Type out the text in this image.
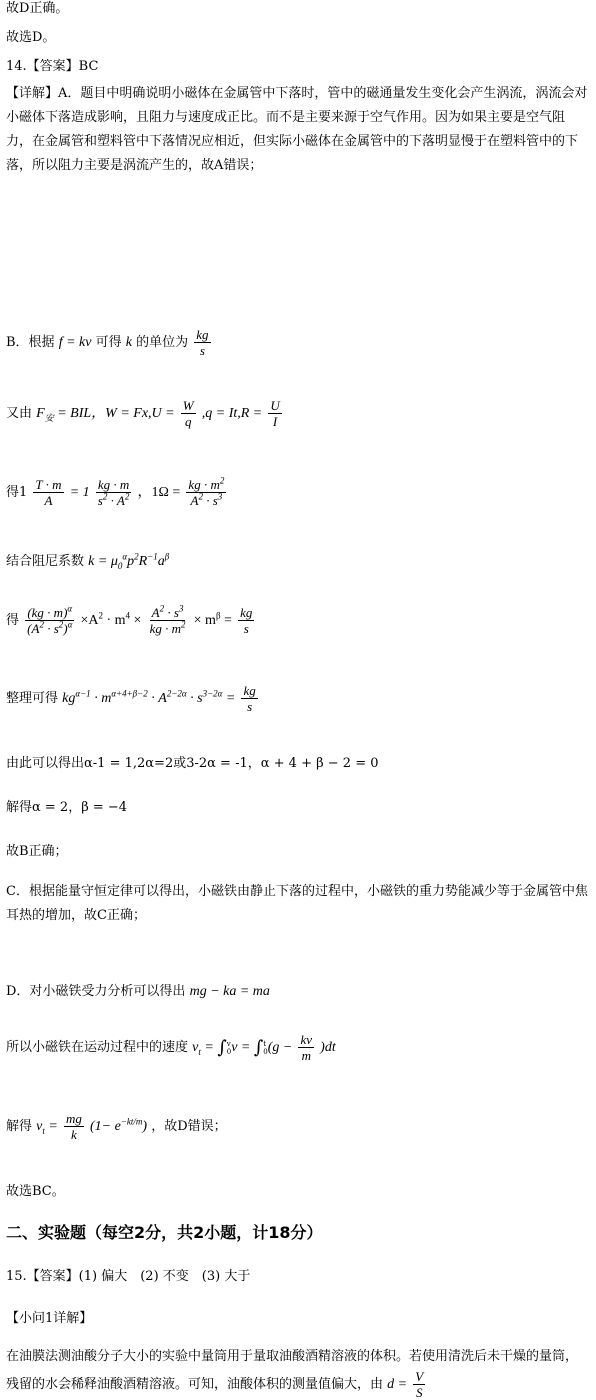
故D正确。
故选D。
14.【答案】BC
【详解】A．题目中明确说明小磁体在金属管中下落时，管中的磁通量发生变化会产生涡流，涡流会对小磁体下落造成影响，且阻力与速度成正比。而不是主要来源于空气作用。因为如果主要是空气阻力，在金属管和塑料管中下落情况应相近，但实际小磁体在金属管中的下落明显慢于在塑料管中的下落，所以阻力主要是涡流产生的，故A错误；
B．根据 f = kv 可得 k 的单位为 $\frac{kg}{s}$
又由 $F_安$ = BIL，$W = Fx,U = \frac{W}{q} ,q = It,R = \frac{U}{I}$
得$1 \frac{T \cdot m}{A} = 1 \frac{kg \cdot m}{s^2 \cdot A^2}$ ，$1\Omega = \frac{kg \cdot m^2}{A^2 \cdot s^3}$
结合阻尼系数 $k = \mu_0^\alpha p^2R^{-1}a^\beta$
得 $\frac{(kg \cdot m)^\alpha}{(A^2 \cdot s^2)^\alpha} \times A^2 \cdot m^4 \times \frac{A^2 \cdot s^3}{kg \cdot m^2} \times m^\beta = \frac{kg}{s}$
整理可得 $kg^{\alpha-1} \cdot m^{\alpha+4+\beta-2} \cdot A^{2-2\alpha} \cdot s^{3-2\alpha} = \frac{kg}{s}$
由此可以得出α-1 = 1,2α=2或3-2α = -1，α + 4 + β − 2 = 0
解得α = 2，β = −4
故B正确；
C．根据能量守恒定律可以得出，小磁铁由静止下落的过程中，小磁铁的重力势能减少等于金属管中焦耳热的增加，故C正确；
D．对小磁铁受力分析可以得出 mg − ka = ma
所以小磁铁在运动过程中的速度 $v_t = \int v$
0v = ∫t
$0(g - \frac{kv}{m} )dt$
解得 $v_t = \frac{mg}{k} (1- e^{-kt/m})$ ，故D错误；
故选BC。
二、实验题（每空2分，共2小题，计18分）
15.【答案】(1) 偏大　(2) 不变　(3) 大于
【小问1详解】
在油膜法测油酸分子大小的实验中量筒用于量取油酸酒精溶液的体积。若使用清洗后未干燥的量筒，残留的水会稀释油酸酒精溶液。可知，油酸体积的测量值偏大，由 $d = \frac{V}{S}$
